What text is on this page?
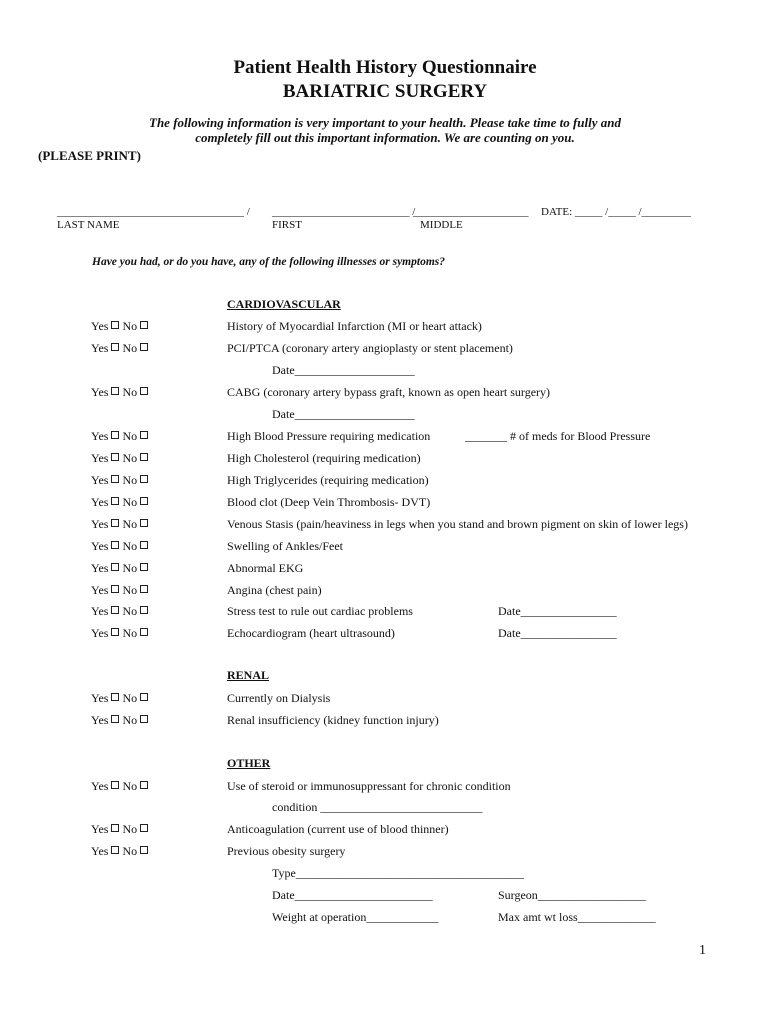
Patient Health History Questionnaire
BARIATRIC SURGERY
The following information is very important to your health. Please take time to fully and
completely fill out this important information. We are counting on you.
(PLEASE PRINT)
__________________________________ / _________________________ /
_____________________ DATE: _____ /_____ /_________
LAST NAME	FIRST	MIDDLE
Have you had, or do you have, any of the following illnesses or symptoms?
CARDIOVASCULAR
RENAL
OTHER
Yes No	History of Myocardial Infarction (MI or heart attack)
Yes No	PCI/PTCA (coronary artery angioplasty or stent placement)
Date____________________
Yes No	CABG (coronary artery bypass graft, known as open heart surgery)
Date____________________
Yes No	High Blood Pressure requiring medication	_______ # of meds for Blood Pressure
Yes No	High Cholesterol (requiring medication)
Yes No	High Triglycerides (requiring medication)
Yes No	Blood clot (Deep Vein Thrombosis- DVT)
Yes No	Venous Stasis (pain/heaviness in legs when you stand and brown pigment on skin of lower legs)
Yes No	Swelling of Ankles/Feet
Yes No	Abnormal EKG
Yes No	Angina (chest pain)
Yes No	Stress test to rule out cardiac problems	Date________________
Yes No	Echocardiogram (heart ultrasound)	Date________________
Yes No	Currently on Dialysis
Yes No	Renal insufficiency (kidney function injury)
Yes No	Use of steroid or immunosuppressant for chronic condition
condition ___________________________
Yes No	Anticoagulation (current use of blood thinner)
Yes No	Previous obesity surgery
Type______________________________________
Date_______________________	Surgeon__________________
Weight at operation____________	Max amt wt loss_____________
1
